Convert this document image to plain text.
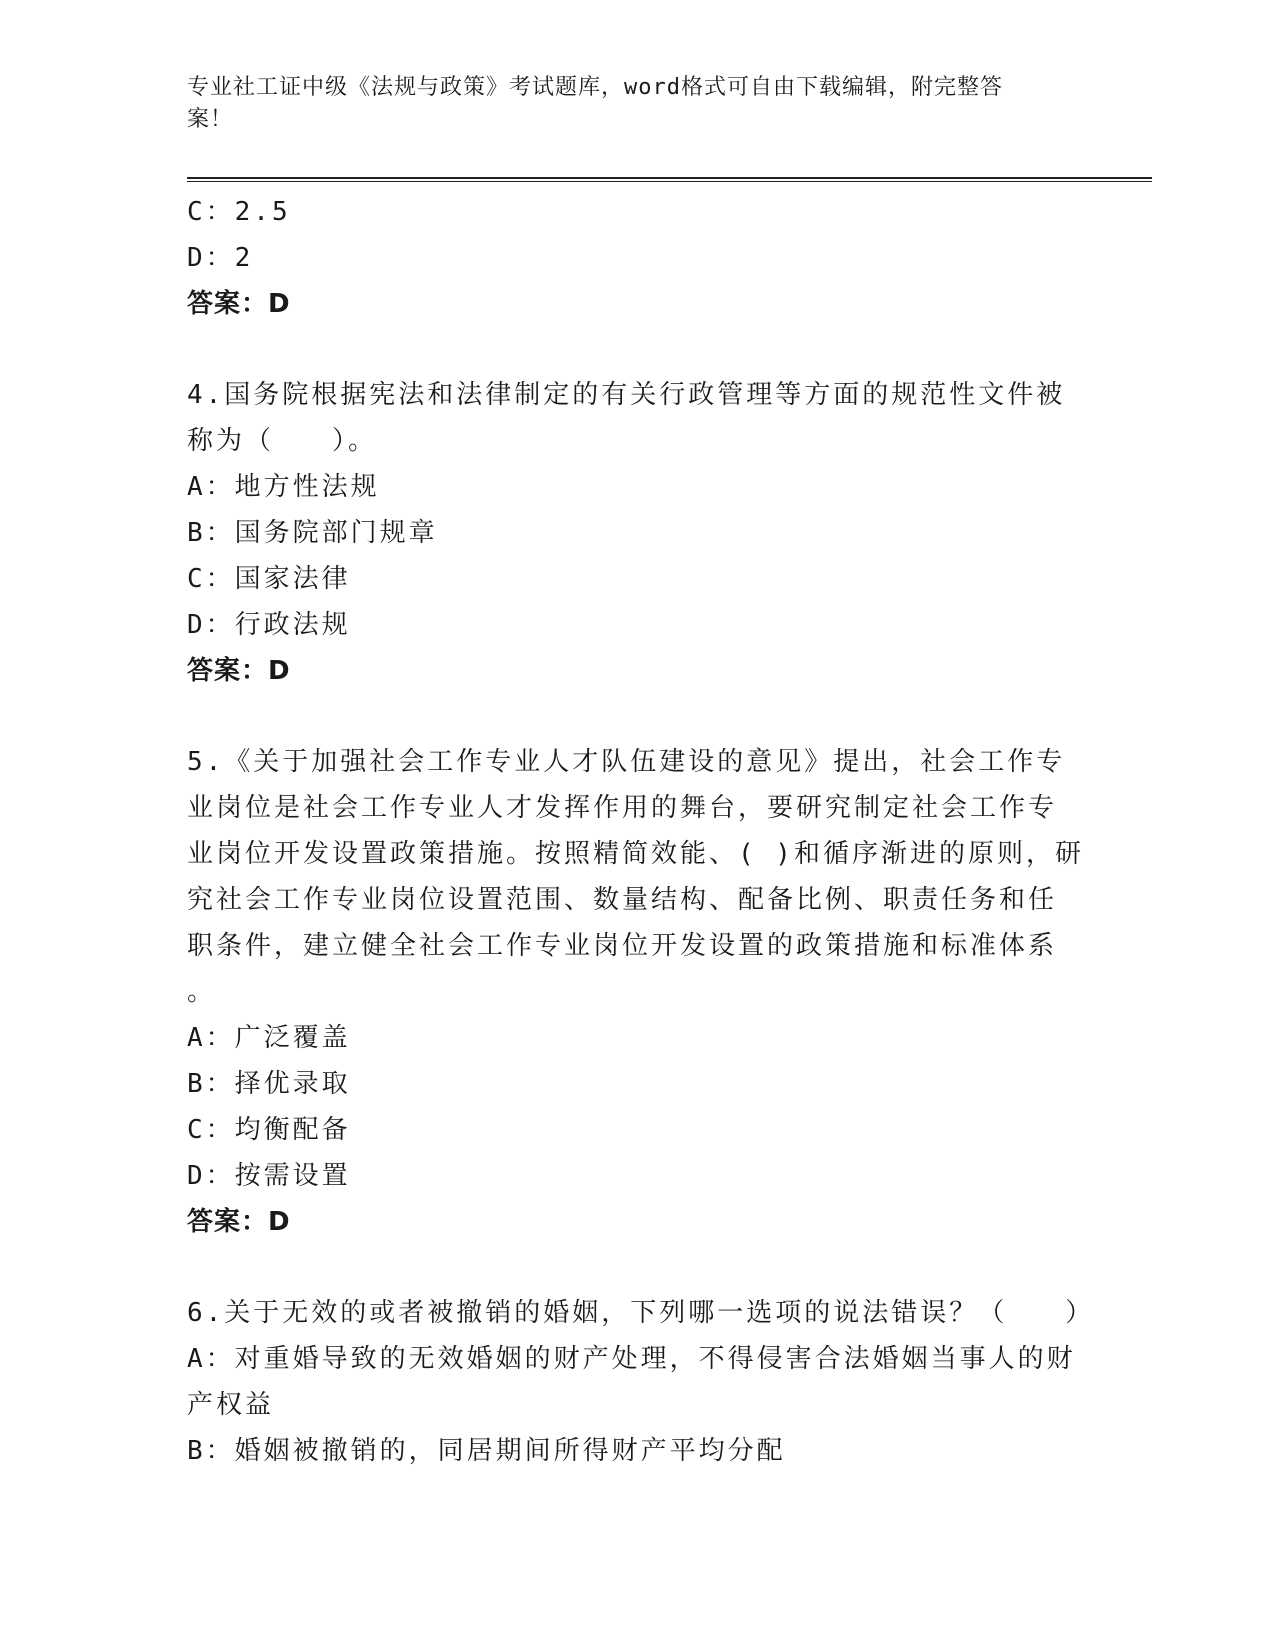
专业社工证中级《法规与政策》考试题库，word格式可自由下载编辑，附完整答
案！
C：2.5
D：2
答案：D
4.国务院根据宪法和法律制定的有关行政管理等方面的规范性文件被
称为（　　）。
A：地方性法规
B：国务院部门规章
C：国家法律
D：行政法规
答案：D
5.《关于加强社会工作专业人才队伍建设的意见》提出，社会工作专
业岗位是社会工作专业人才发挥作用的舞台，要研究制定社会工作专
业岗位开发设置政策措施。按照精简效能、( )和循序渐进的原则，研
究社会工作专业岗位设置范围、数量结构、配备比例、职责任务和任
职条件，建立健全社会工作专业岗位开发设置的政策措施和标准体系
。
A：广泛覆盖
B：择优录取
C：均衡配备
D：按需设置
答案：D
6.关于无效的或者被撤销的婚姻，下列哪一选项的说法错误？（　　）
A：对重婚导致的无效婚姻的财产处理，不得侵害合法婚姻当事人的财
产权益
B：婚姻被撤销的，同居期间所得财产平均分配
